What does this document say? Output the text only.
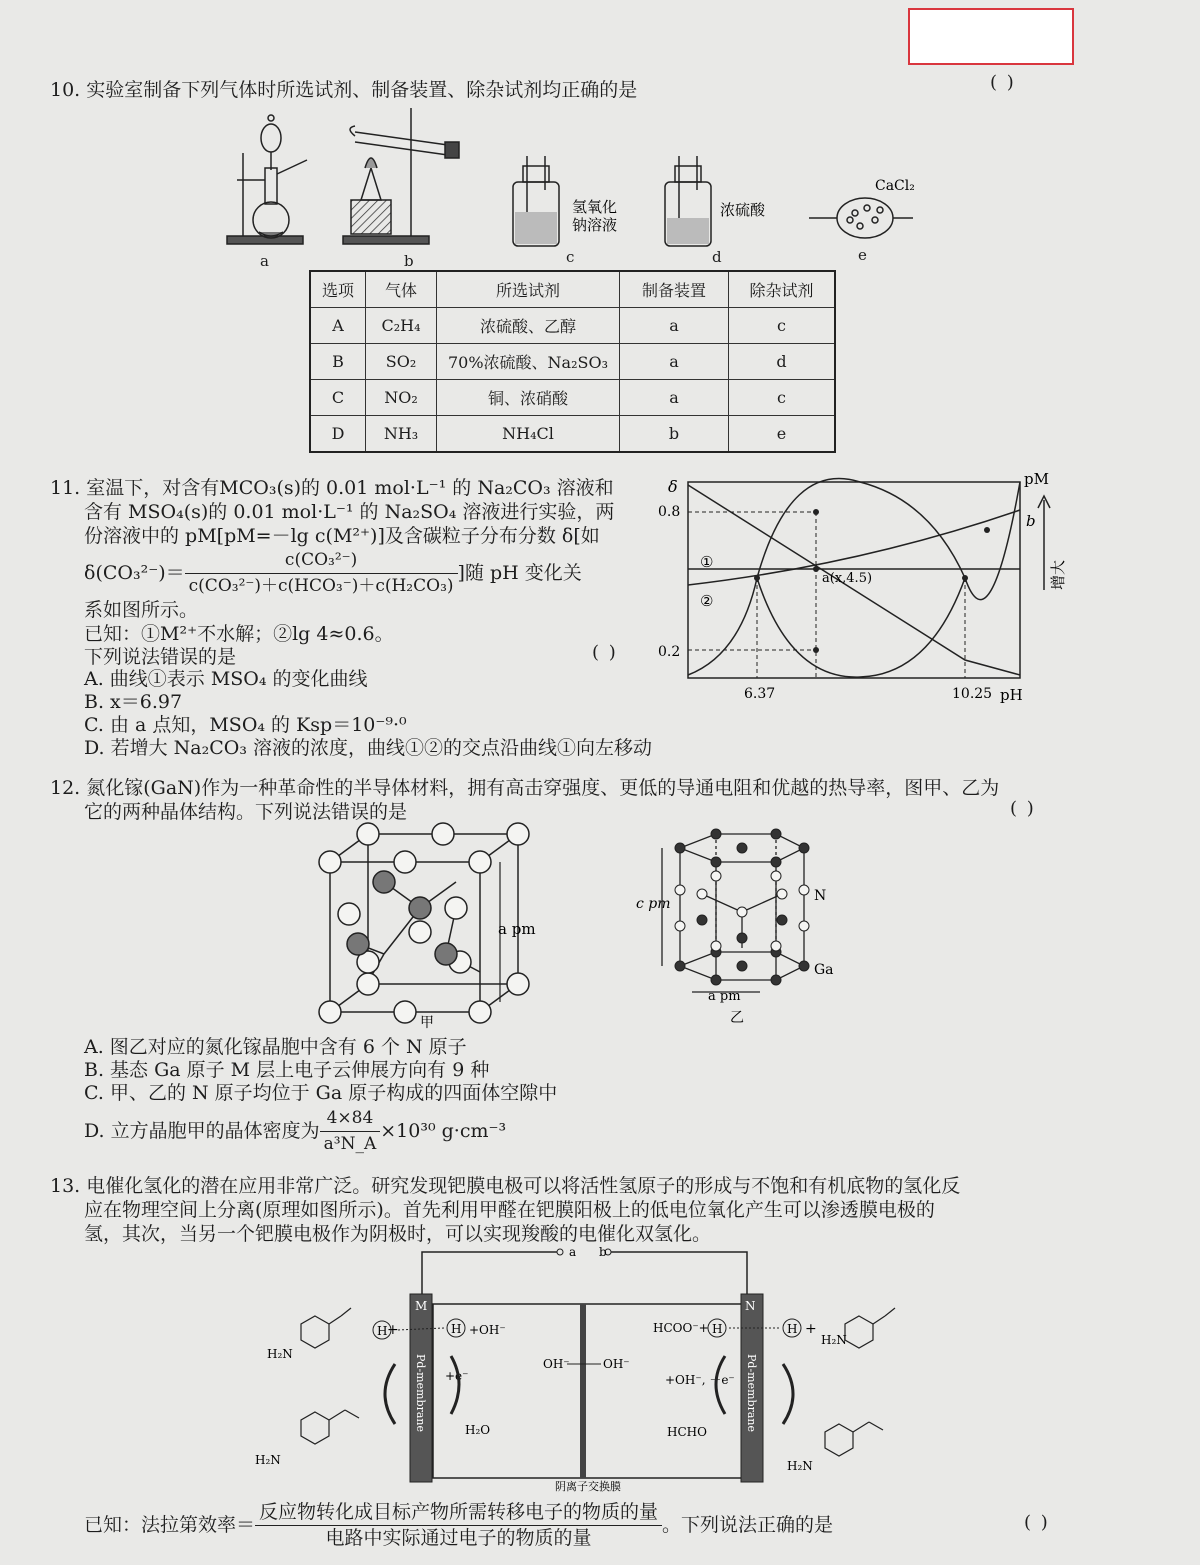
10. 实验室制备下列气体时所选试剂、制备装置、除杂试剂均正确的是	( )
氢氧化
钠溶液
浓硫酸
CaCl₂
a	b	c	d	e
选项	气体	所选试剂	制备装置	除杂试剂
A	C₂H₄	浓硫酸、乙醇	a	c
B	SO₂	70%浓硫酸、Na₂SO₃	a	d
C	NO₂	铜、浓硝酸	a	c
D	NH₃	NH₄Cl	b	e
11. 室温下，对含有MCO₃(s)的 0.01 mol·L⁻¹ 的 Na₂CO₃ 溶液和
含有 MSO₄(s)的 0.01 mol·L⁻¹ 的 Na₂SO₄ 溶液进行实验，两
份溶液中的 pM[pM=－lg c(M²⁺)]及含碳粒子分布分数 δ[如
$\delta(CO_3^{2-})= \frac{\text{c(CO₃²⁻)}}{\text{c(CO₃²⁻)＋c(HCO₃⁻)＋c(H₂CO₃)}}$ ]随 pH 变化关
系如图所示。
已知：①M²⁺不水解；②lg 4≈0.6。
下列说法错误的是	( )
A. 曲线①表示 MSO₄ 的变化曲线
B. x＝6.97
C. 由 a 点知，MSO₄ 的 Ksp＝10⁻⁹·⁰
D. 若增大 Na₂CO₃ 溶液的浓度，曲线①②的交点沿曲线①向左移动
δ	pM
0.8
0.2
①
②
a(x,4.5)
b
6.37	10.25 pH
增大
12. 氮化镓(GaN)作为一种革命性的半导体材料，拥有高击穿强度、更低的导通电阻和优越的热导率，图甲、乙为
它的两种晶体结构。下列说法错误的是	( )
a pm
甲
c pm	N
Ga
a pm
乙
A. 图乙对应的氮化镓晶胞中含有 6 个 N 原子
B. 基态 Ga 原子 M 层上电子云伸展方向有 9 种
C. 甲、乙的 N 原子均位于 Ga 原子构成的四面体空隙中
D. 立方晶胞甲的晶体密度为 $\frac{4\times 84}{\text{a³N\_A}} \times 10^{30}$ g·cm⁻³
13. 电催化氢化的潜在应用非常广泛。研究发现钯膜电极可以将活性氢原子的形成与不饱和有机底物的氢化反
应在物理空间上分离(原理如图所示)。首先利用甲醛在钯膜阳极上的低电位氧化产生可以渗透膜电极的
氢，其次，当另一个钯膜电极作为阴极时，可以实现羧酸的电催化双氢化。
a b
M	N
Pd-membrane	Pd-membrane
+
H	H +OH⁻
+e⁻
H₂O
OH⁻	OH⁻
阴离子交换膜
HCOO⁻+ H	H +
+OH⁻, －e⁻
HCHO
H₂N
H₂N
H₂N
H₂N
已知：法拉第效率＝ $\frac{\text{反应物转化成目标产物所需转移电子的物质的量}}{\text{电路中实际通过电子的物质的量}}$ 。下列说法正确的是	( )
